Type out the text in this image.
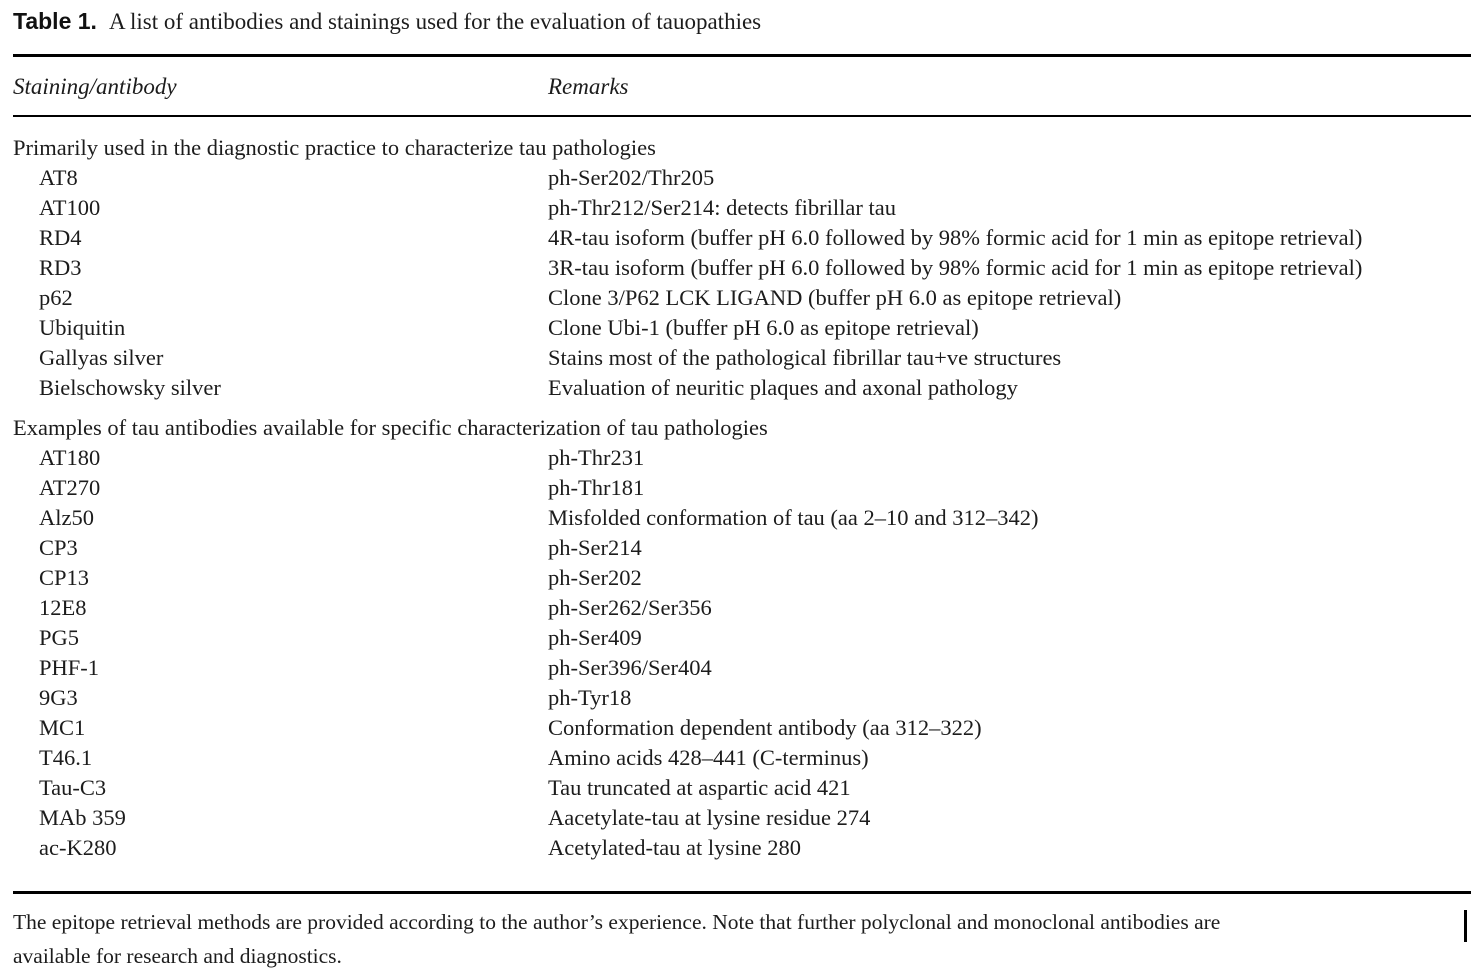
Table 1. A list of antibodies and stainings used for the evaluation of tauopathies
Staining/antibody	Remarks
Primarily used in the diagnostic practice to characterize tau pathologies
AT8	ph-Ser202/Thr205
AT100	ph-Thr212/Ser214: detects fibrillar tau
RD4	4R-tau isoform (buffer pH 6.0 followed by 98% formic acid for 1 min as epitope retrieval)
RD3	3R-tau isoform (buffer pH 6.0 followed by 98% formic acid for 1 min as epitope retrieval)
p62	Clone 3/P62 LCK LIGAND (buffer pH 6.0 as epitope retrieval)
Ubiquitin	Clone Ubi-1 (buffer pH 6.0 as epitope retrieval)
Gallyas silver	Stains most of the pathological fibrillar tau+ve structures
Bielschowsky silver	Evaluation of neuritic plaques and axonal pathology
Examples of tau antibodies available for specific characterization of tau pathologies
AT180	ph-Thr231
AT270	ph-Thr181
Alz50	Misfolded conformation of tau (aa 2–10 and 312–342)
CP3	ph-Ser214
CP13	ph-Ser202
12E8	ph-Ser262/Ser356
PG5	ph-Ser409
PHF-1	ph-Ser396/Ser404
9G3	ph-Tyr18
MC1	Conformation dependent antibody (aa 312–322)
T46.1	Amino acids 428–441 (C-terminus)
Tau-C3	Tau truncated at aspartic acid 421
MAb 359	Aacetylate-tau at lysine residue 274
ac-K280	Acetylated-tau at lysine 280
The epitope retrieval methods are provided according to the author’s experience. Note that further polyclonal and monoclonal antibodies are
available for research and diagnostics.
